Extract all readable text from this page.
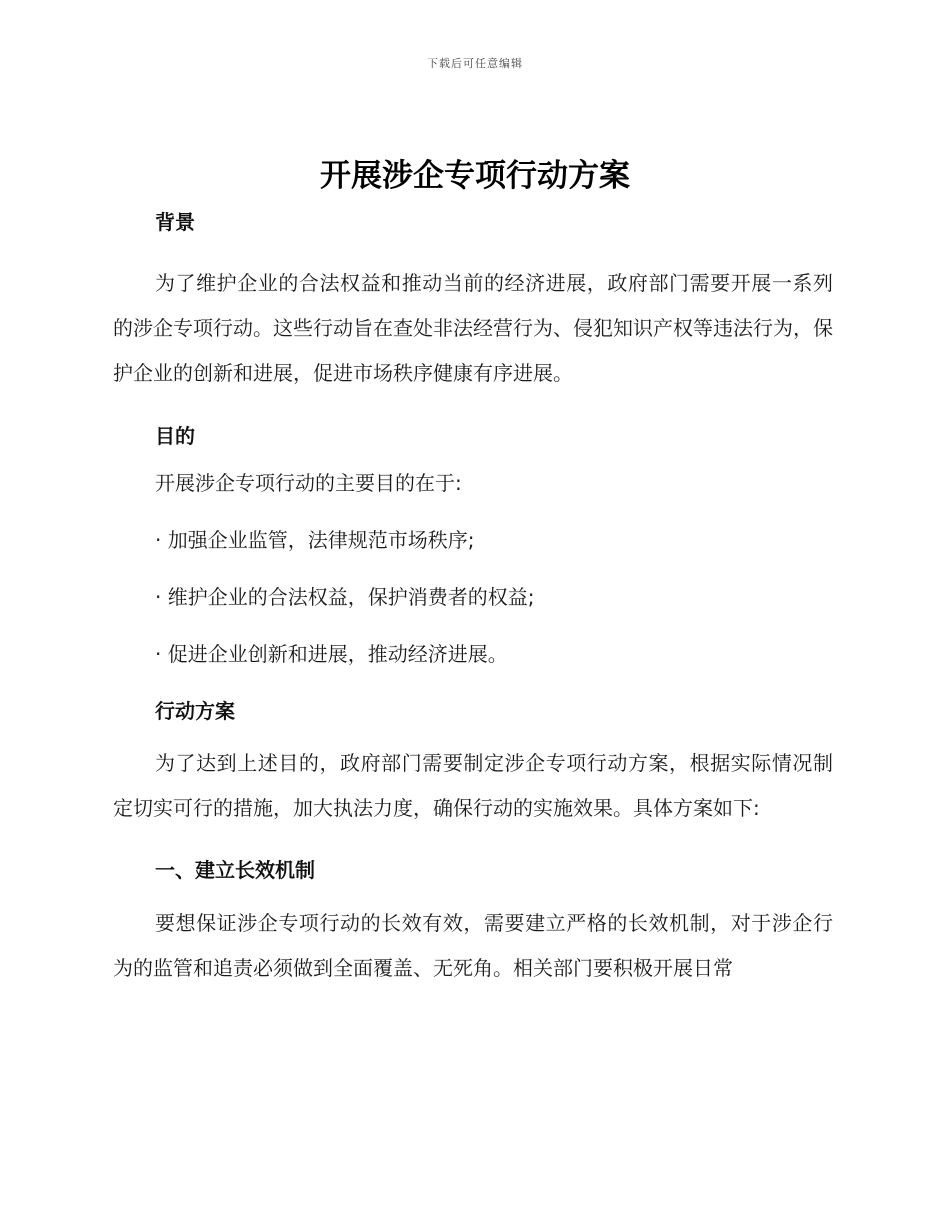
下载后可任意编辑
开展涉企专项行动方案

背景

为了维护企业的合法权益和推动当前的经济进展，政府部门需要开展一系列的涉企专项行动。这些行动旨在查处非法经营行为、侵犯知识产权等违法行为，保护企业的创新和进展，促进市场秩序健康有序进展。

目的

开展涉企专项行动的主要目的在于:

· 加强企业监管，法律规范市场秩序;

· 维护企业的合法权益，保护消费者的权益;

· 促进企业创新和进展，推动经济进展。

行动方案

为了达到上述目的，政府部门需要制定涉企专项行动方案，根据实际情况制定切实可行的措施，加大执法力度，确保行动的实施效果。具体方案如下:

一、建立长效机制

要想保证涉企专项行动的长效有效，需要建立严格的长效机制，对于涉企行为的监管和追责必须做到全面覆盖、无死角。相关部门要积极开展日常
